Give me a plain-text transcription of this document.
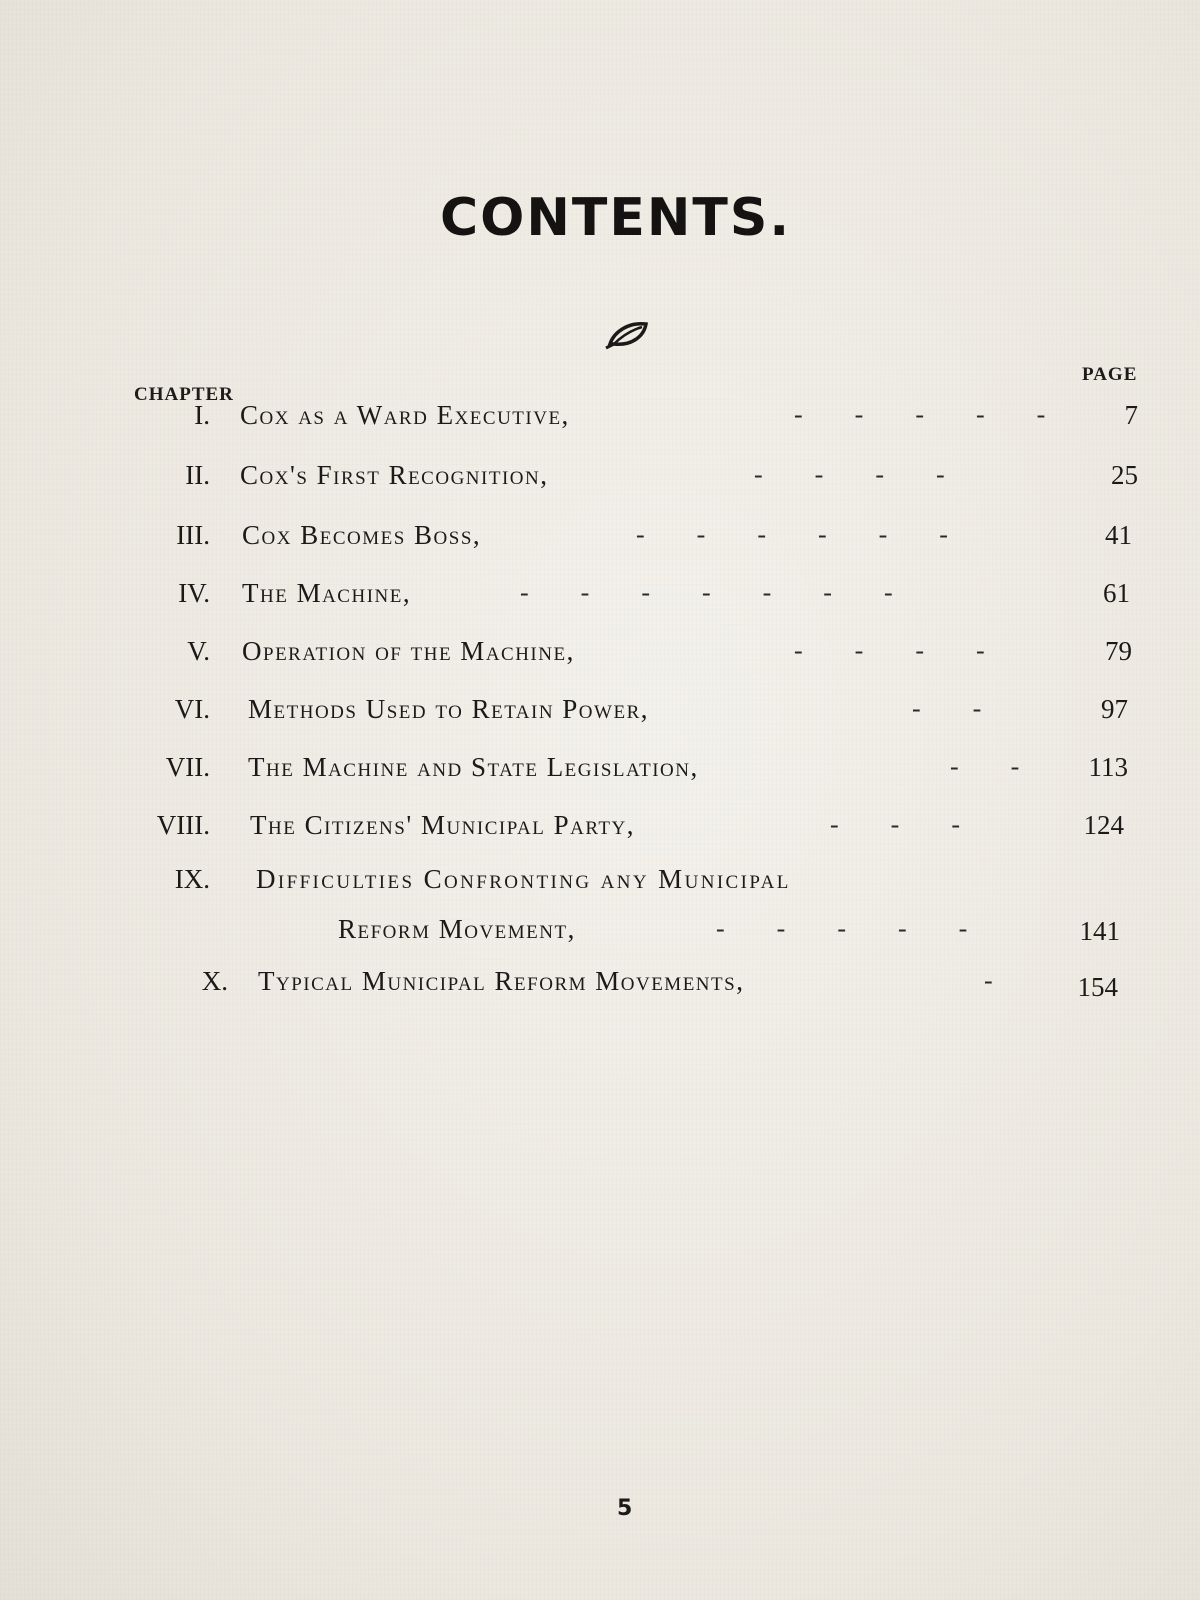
CONTENTS.
CHAPTER
PAGE
I. Cox as a Ward Executive,	-        -        -        -        -	7
II. Cox's First Recognition,	-        -        -        -	25
III. Cox Becomes Boss,	-        -        -        -        -        -	41
IV. The Machine,	-        -        -        -        -        -        -	61
V. Operation of the Machine,	-        -        -        -	79
VI. Methods Used to Retain Power,	-        -	97
VII. The Machine and State Legislation,	-        -	113
VIII. The Citizens' Municipal Party,	-        -        -	124
IX. Difficulties Confronting any Municipal
Reform Movement,	-        -        -        -        -	141
X. Typical Municipal Reform Movements,	-	154
5
